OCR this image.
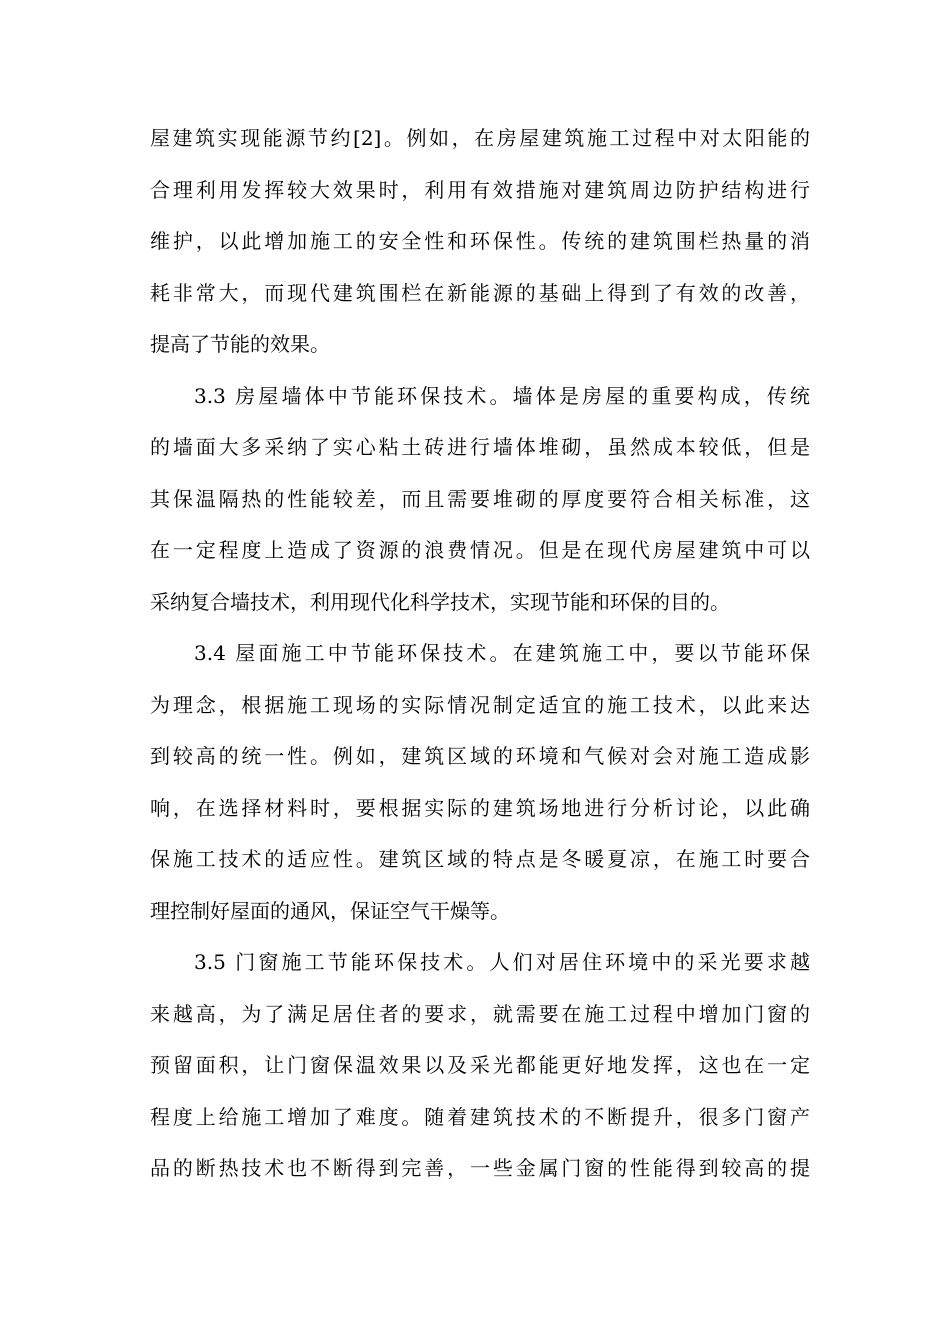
屋建筑实现能源节约[2]。例如，在房屋建筑施工过程中对太阳能的
合理利用发挥较大效果时，利用有效措施对建筑周边防护结构进行
维护，以此增加施工的安全性和环保性。传统的建筑围栏热量的消
耗非常大，而现代建筑围栏在新能源的基础上得到了有效的改善，
提高了节能的效果。
3.3 房屋墙体中节能环保技术。墙体是房屋的重要构成，传统
的墙面大多采纳了实心粘土砖进行墙体堆砌，虽然成本较低，但是
其保温隔热的性能较差，而且需要堆砌的厚度要符合相关标准，这
在一定程度上造成了资源的浪费情况。但是在现代房屋建筑中可以
采纳复合墙技术，利用现代化科学技术，实现节能和环保的目的。
3.4 屋面施工中节能环保技术。在建筑施工中，要以节能环保
为理念，根据施工现场的实际情况制定适宜的施工技术，以此来达
到较高的统一性。例如，建筑区域的环境和气候对会对施工造成影
响，在选择材料时，要根据实际的建筑场地进行分析讨论，以此确
保施工技术的适应性。建筑区域的特点是冬暖夏凉，在施工时要合
理控制好屋面的通风，保证空气干燥等。
3.5 门窗施工节能环保技术。人们对居住环境中的采光要求越
来越高，为了满足居住者的要求，就需要在施工过程中增加门窗的
预留面积，让门窗保温效果以及采光都能更好地发挥，这也在一定
程度上给施工增加了难度。随着建筑技术的不断提升，很多门窗产
品的断热技术也不断得到完善，一些金属门窗的性能得到较高的提
